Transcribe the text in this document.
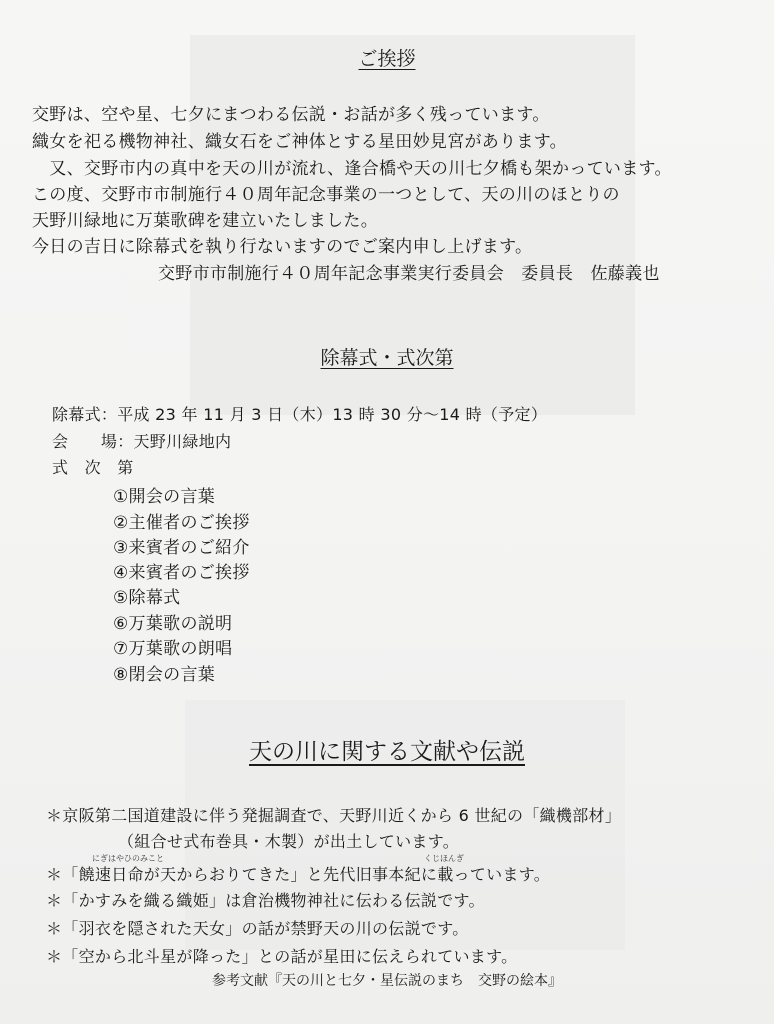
ご挨拶
交野は、空や星、七夕にまつわる伝説・お話が多く残っています。
織女を祀る機物神社、織女石をご神体とする星田妙見宮があります。
　又、交野市内の真中を天の川が流れ、逢合橋や天の川七夕橋も架かっています。
この度、交野市市制施行４０周年記念事業の一つとして、天の川のほとりの
天野川緑地に万葉歌碑を建立いたしました。
今日の吉日に除幕式を執り行ないますのでご案内申し上げます。
交野市市制施行４０周年記念事業実行委員会　委員長　佐藤義也
除幕式・式次第
除幕式：平成 23 年 11 月 3 日（木）13 時 30 分～14 時（予定）
会　　場：天野川緑地内
式　次　第
①開会の言葉
②主催者のご挨拶
③来賓者のご紹介
④来賓者のご挨拶
⑤除幕式
⑥万葉歌の説明
⑦万葉歌の朗唱
⑧閉会の言葉
天の川に関する文献や伝説
＊京阪第二国道建設に伴う発掘調査で、天野川近くから 6 世紀の「織機部材」
（組合せ式布巻具・木製）が出土しています。
にぎはやひのみこと	くじほんぎ
＊「饒速日命が天からおりてきた」と先代旧事本紀に載っています。
＊「かすみを織る織姫」は倉治機物神社に伝わる伝説です。
＊「羽衣を隠された天女」の話が禁野天の川の伝説です。
＊「空から北斗星が降った」との話が星田に伝えられています。
参考文献『天の川と七夕・星伝説のまち　交野の絵本』
